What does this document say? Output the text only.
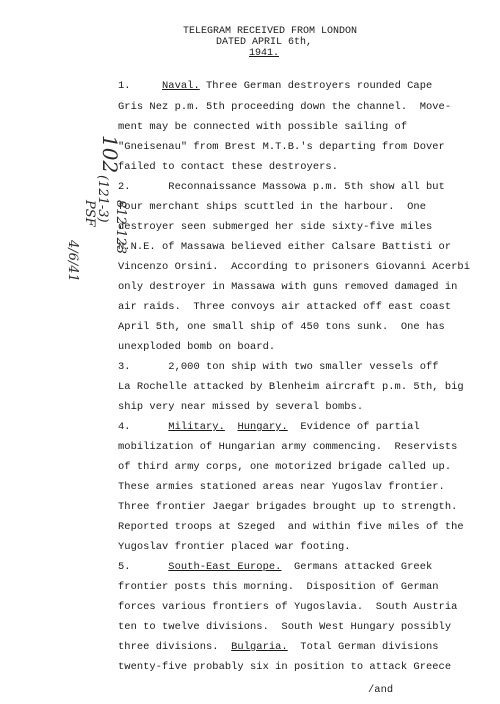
TELEGRAM RECEIVED FROM LONDON
DATED APRIL 6th,
1941.
102
(121-3)
PSF 812-123
4/6/41
1.	Naval. Three German destroyers rounded Cape
Gris Nez p.m. 5th proceeding down the channel.  Move-
ment may be connected with possible sailing of
"Gneisenau" from Brest M.T.B.'s departing from Dover
failed to contact these destroyers.
2.	Reconnaissance Massowa p.m. 5th show all but
four merchant ships scuttled in the harbour.  One
destroyer seen submerged her side sixty-five miles
N.N.E. of Massawa believed either Calsare Battisti or
Vincenzo Orsini.  According to prisoners Giovanni Acerbi
only destroyer in Massawa with guns removed damaged in
air raids.  Three convoys air attacked off east coast
April 5th, one small ship of 450 tons sunk.  One has
unexploded bomb on board.
3.	2,000 ton ship with two smaller vessels off
La Rochelle attacked by Blenheim aircraft p.m. 5th, big
ship very near missed by several bombs.
4.	Military. Hungary.  Evidence of partial
mobilization of Hungarian army commencing.  Reservists
of third army corps, one motorized brigade called up.
These armies stationed areas near Yugoslav frontier.
Three frontier Jaegar brigades brought up to strength.
Reported troops at Szeged  and within five miles of the
Yugoslav frontier placed war footing.
5.	South-East Europe.  Germans attacked Greek
frontier posts this morning.  Disposition of German
forces various frontiers of Yugoslavia.  South Austria
ten to twelve divisions.  South West Hungary possibly
three divisions.  Bulgaria.  Total German divisions
twenty-five probably six in position to attack Greece
/and
